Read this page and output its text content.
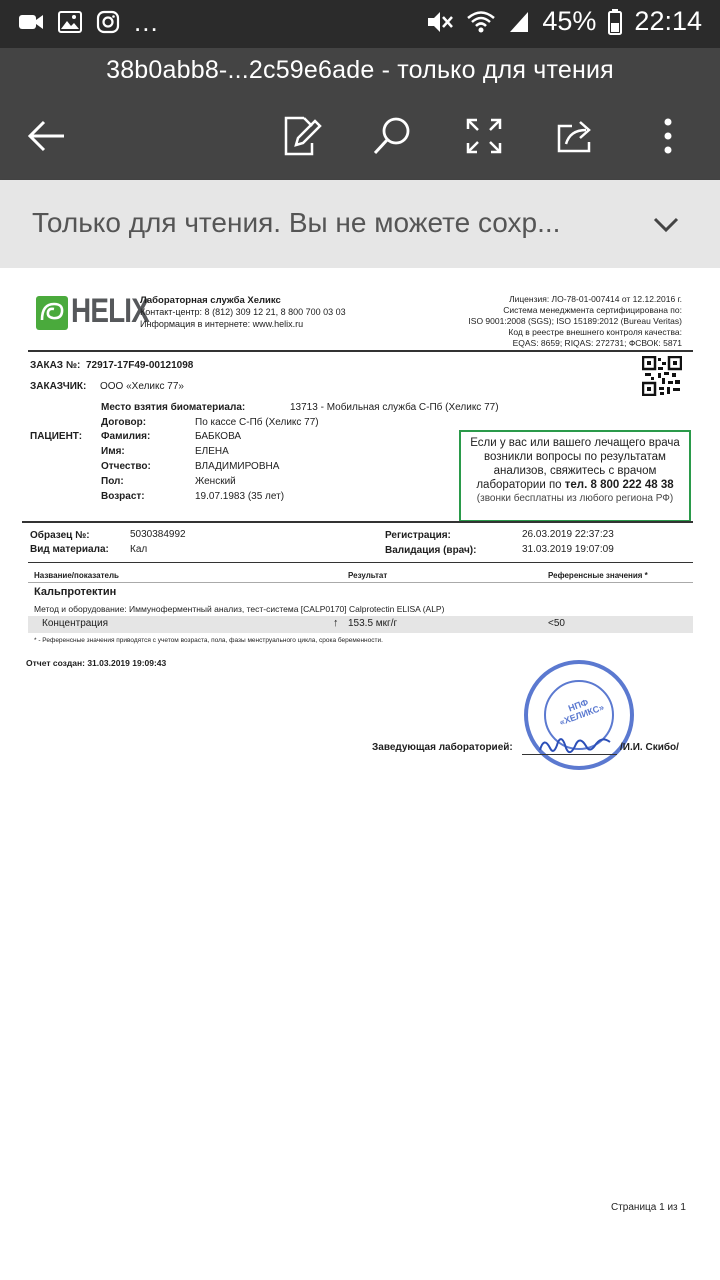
...	45% 22:14
38b0abb8-...2c59e6ade - только для чтения
Только для чтения. Вы не можете сохр...
HELIX
Лабораторная служба Хеликс
Контакт-центр: 8 (812) 309 12 21, 8 800 700 03 03
Информация в интернете: www.helix.ru
Лицензия: ЛО-78-01-007414 от 12.12.2016 г.
Система менеджмента сертифицирована по:
ISO 9001:2008 (SGS); ISO 15189:2012 (Bureau Veritas)
Код в реестре внешнего контроля качества:
EQAS: 8659; RIQAS: 272731; ФСВОК: 5871
ЗАКАЗ №: 72917-17F49-00121098
ЗАКАЗЧИК: ООО «Хеликс 77»
Место взятия биоматериала:	13713 - Мобильная служба С-Пб (Хеликс 77)
Договор:	По кассе С-Пб (Хеликс 77)
ПАЦИЕНТ: Фамилия:	БАБКОВА
Имя:	ЕЛЕНА
Отчество:	ВЛАДИМИРОВНА
Пол:	Женский
Возраст:	19.07.1983 (35 лет)
Если у вас или вашего лечащего врача
возникли вопросы по результатам
анализов, свяжитесь с врачом
лаборатории по тел. 8 800 222 48 38
(звонки бесплатны из любого региона РФ)
Образец №:	5030384992
Вид материала: Кал
Регистрация:	26.03.2019 22:37:23
Валидация (врач):	31.03.2019 19:07:09
Название/показатель	Результат	Референсные значения *
Кальпротектин
Метод и оборудование: Иммуноферментный анализ, тест-система [CALP0170] Calprotectin ELISA (ALP)
Концентрация	↑ 153.5 мкг/г	<50
* - Референсные значения приводятся с учетом возраста, пола, фазы менструального цикла, срока беременности.
Отчет создан: 31.03.2019 19:09:43
НПФ «ХЕЛИКС»
Заведующая лабораторией:	/И.И. Скибо/
Страница 1 из 1
